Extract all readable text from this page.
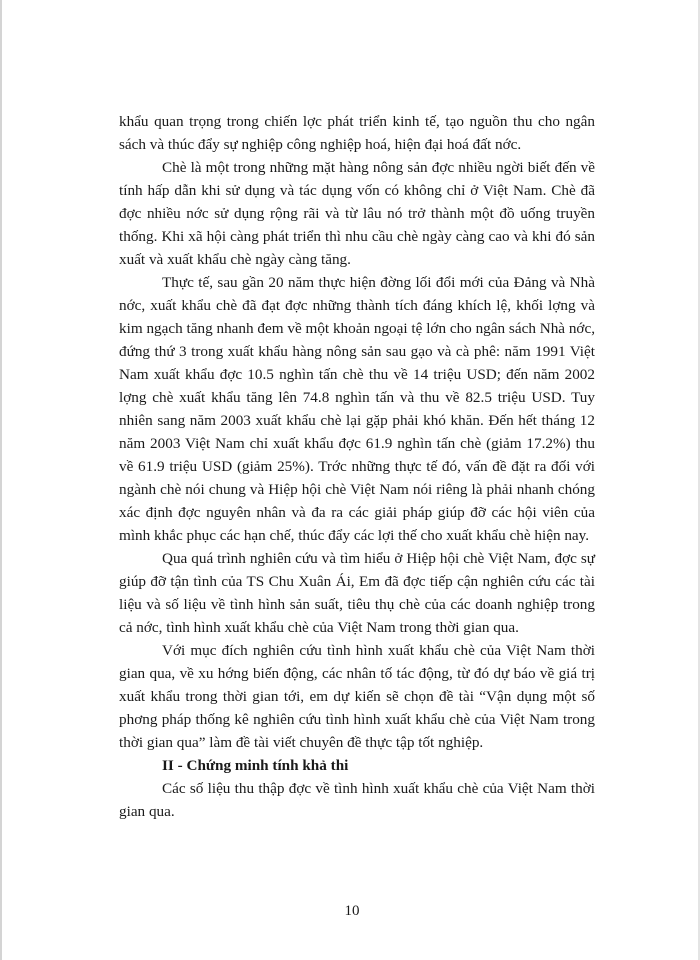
khẩu quan trọng trong chiến lợc phát triển kinh tế, tạo nguồn thu cho ngân sách và thúc đẩy sự nghiệp công nghiệp hoá, hiện đại hoá đất nớc.

Chè là một trong những mặt hàng nông sản đợc nhiều ngời biết đến về tính hấp dẫn khi sử dụng và tác dụng vốn có không chỉ ở Việt Nam. Chè đã đợc nhiều nớc sử dụng rộng rãi và từ lâu nó trở thành một đồ uống truyền thống. Khi xã hội càng phát triển thì nhu cầu chè ngày càng cao và khi đó sản xuất và xuất khẩu chè ngày càng tăng.

Thực tế, sau gần 20 năm thực hiện đờng lối đổi mới của Đảng và Nhà nớc, xuất khẩu chè đã đạt đợc những thành tích đáng khích lệ, khối lợng và kim ngạch tăng nhanh đem về một khoản ngoại tệ lớn cho ngân sách Nhà nớc, đứng thứ 3 trong xuất khẩu hàng nông sản sau gạo và cà phê: năm 1991 Việt Nam xuất khẩu đợc 10.5 nghìn tấn chè thu về 14 triệu USD; đến năm 2002 lợng chè xuất khẩu tăng lên 74.8 nghìn tấn và thu về 82.5 triệu USD. Tuy nhiên sang năm 2003 xuất khẩu chè lại gặp phải khó khăn. Đến hết tháng 12 năm 2003 Việt Nam chỉ xuất khẩu đợc 61.9 nghìn tấn chè (giảm 17.2%) thu về 61.9 triệu USD (giảm 25%). Trớc những thực tế đó, vấn đề đặt ra đối với ngành chè nói chung và Hiệp hội chè Việt Nam nói riêng là phải nhanh chóng xác định đợc nguyên nhân và đa ra các giải pháp giúp đỡ các hội viên của mình khắc phục các hạn chế, thúc đẩy các lợi thế cho xuất khẩu chè hiện nay.

Qua quá trình nghiên cứu và tìm hiểu ở Hiệp hội chè Việt Nam, đợc sự giúp đỡ tận tình của TS Chu Xuân Ái, Em đã đợc tiếp cận nghiên cứu các tài liệu và số liệu về tình hình sản suất, tiêu thụ chè của các doanh nghiệp trong cả nớc, tình hình xuất khẩu chè của Việt Nam trong thời gian qua.

Với mục đích nghiên cứu tình hình xuất khẩu chè của Việt Nam thời gian qua, về xu hớng biến động, các nhân tố tác động, từ đó dự báo về giá trị xuất khẩu trong thời gian tới, em dự kiến sẽ chọn đề tài “Vận dụng một số phơng pháp thống kê nghiên cứu tình hình xuất khẩu chè của Việt Nam trong thời gian qua” làm đề tài viết chuyên đề thực tập tốt nghiệp.

II - Chứng minh tính khả thi

Các số liệu thu thập đợc về tình hình xuất khẩu chè của Việt Nam thời gian qua.

10
